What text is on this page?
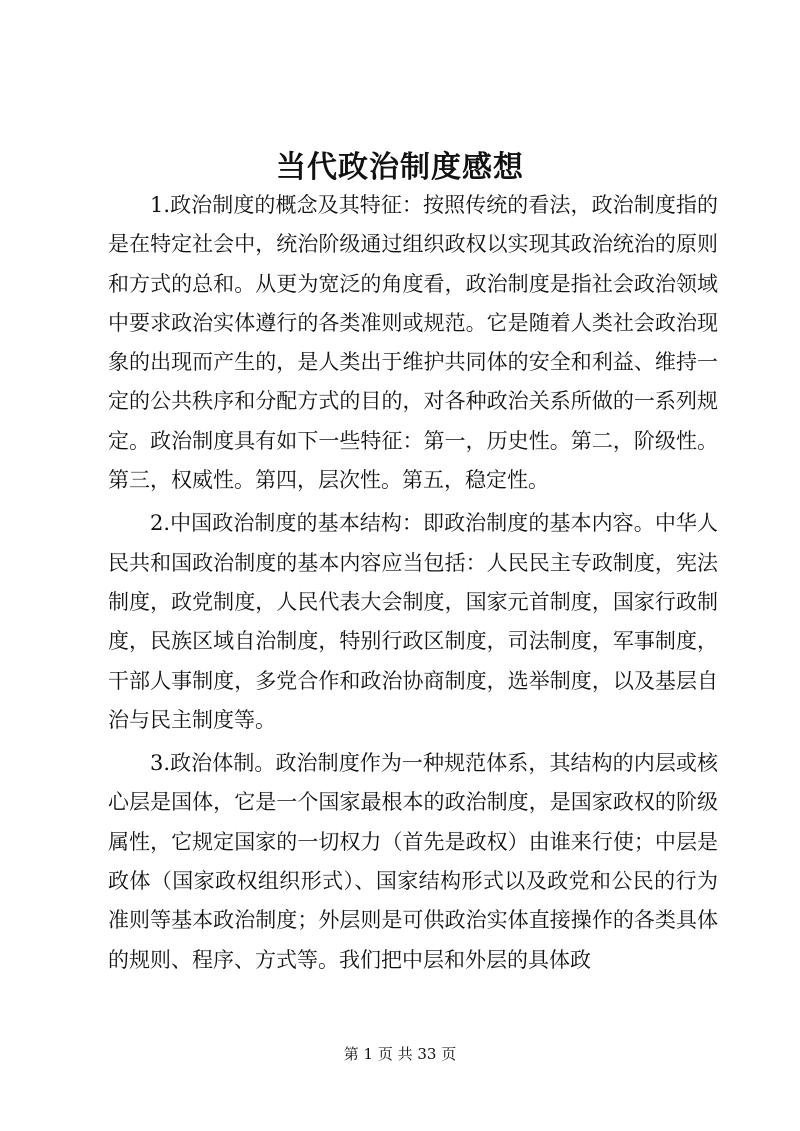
当代政治制度感想

1.政治制度的概念及其特征：按照传统的看法，政治制度指的是在特定社会中，统治阶级通过组织政权以实现其政治统治的原则和方式的总和。从更为宽泛的角度看，政治制度是指社会政治领域中要求政治实体遵行的各类准则或规范。它是随着人类社会政治现象的出现而产生的，是人类出于维护共同体的安全和利益、维持一定的公共秩序和分配方式的目的，对各种政治关系所做的一系列规定。政治制度具有如下一些特征：第一，历史性。第二，阶级性。第三，权威性。第四，层次性。第五，稳定性。

2.中国政治制度的基本结构：即政治制度的基本内容。中华人民共和国政治制度的基本内容应当包括：人民民主专政制度，宪法制度，政党制度，人民代表大会制度，国家元首制度，国家行政制度，民族区域自治制度，特别行政区制度，司法制度，军事制度，干部人事制度，多党合作和政治协商制度，选举制度，以及基层自治与民主制度等。

3.政治体制。政治制度作为一种规范体系，其结构的内层或核心层是国体，它是一个国家最根本的政治制度，是国家政权的阶级属性，它规定国家的一切权力（首先是政权）由谁来行使；中层是政体（国家政权组织形式）、国家结构形式以及政党和公民的行为准则等基本政治制度；外层则是可供政治实体直接操作的各类具体的规则、程序、方式等。我们把中层和外层的具体政

第 1 页 共 33 页
